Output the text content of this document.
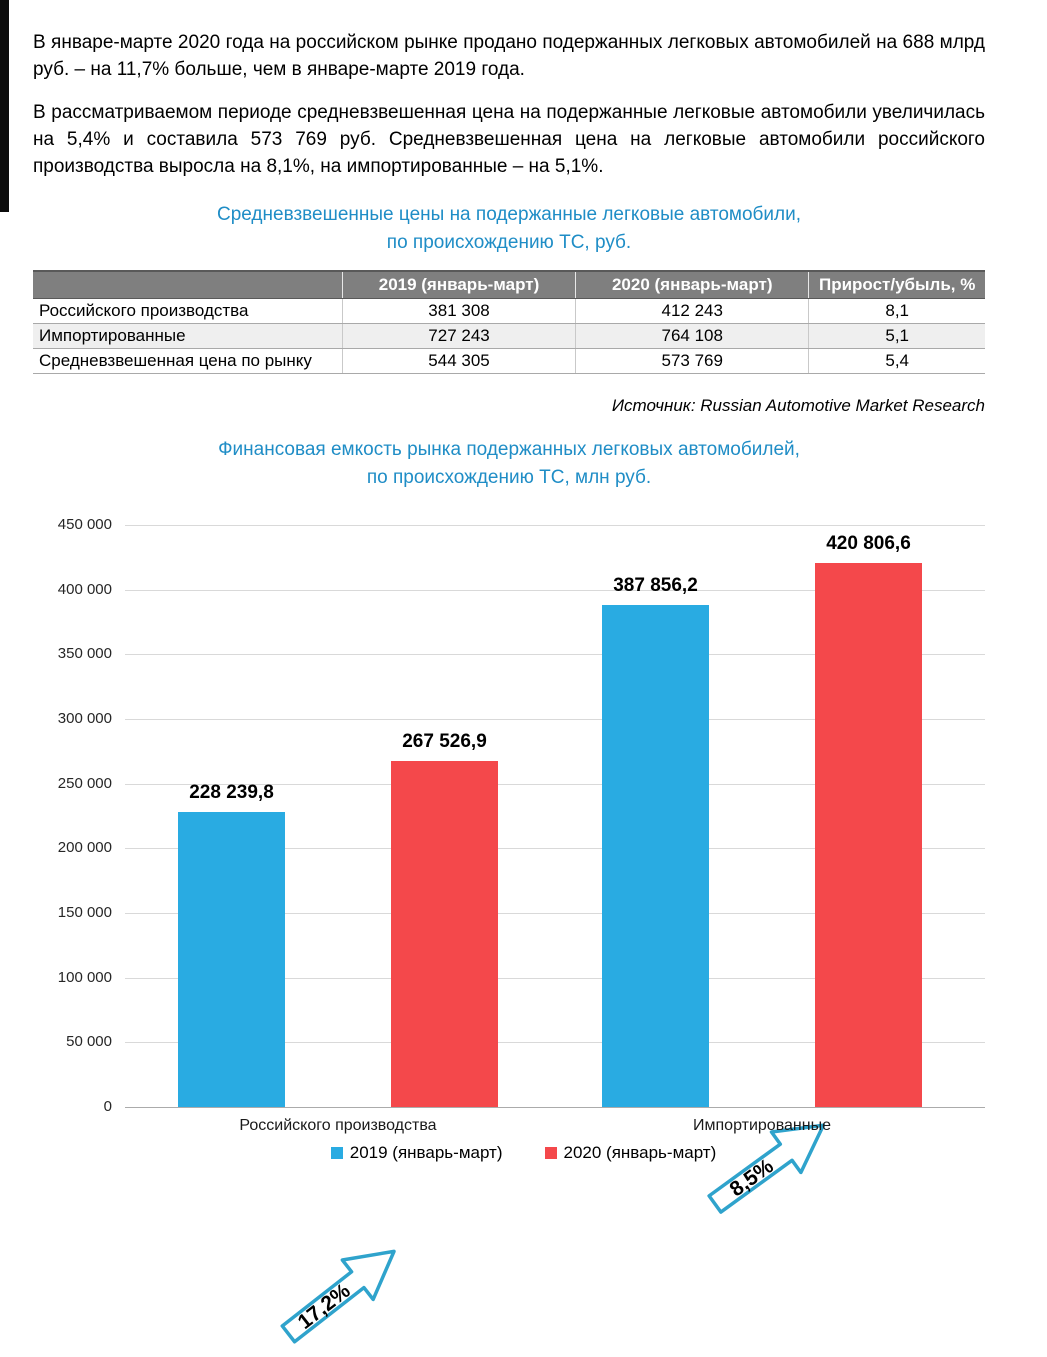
В январе-марте 2020 года на российском рынке продано подержанных легковых автомобилей на 688 млрд руб. – на 11,7% больше, чем в январе-марте 2019 года.

В рассматриваемом периоде средневзвешенная цена на подержанные легковые автомобили увеличилась на 5,4% и составила 573 769 руб. Средневзвешенная цена на легковые автомобили российского производства выросла на 8,1%, на импортированные – на 5,1%.

Средневзвешенные цены на подержанные легковые автомобили,
по происхождению ТС, руб.
	2019 (январь-март)	2020 (январь-март)	Прирост/убыль, %
Российского производства	381 308	412 243	8,1
Импортированные	727 243	764 108	5,1
Средневзвешенная цена по рынку	544 305	573 769	5,4

Источник: Russian Automotive Market Research

Финансовая емкость рынка подержанных легковых автомобилей,
по происхождению ТС, млн руб.
17,2%
8,5%
2019 (январь-март)	2020 (январь-март)
0
50 000
100 000
150 000
200 000
250 000
300 000
350 000
400 000
450 000
228 239,8
387 856,2
267 526,9
420 806,6
Российского производства	Импортированные
